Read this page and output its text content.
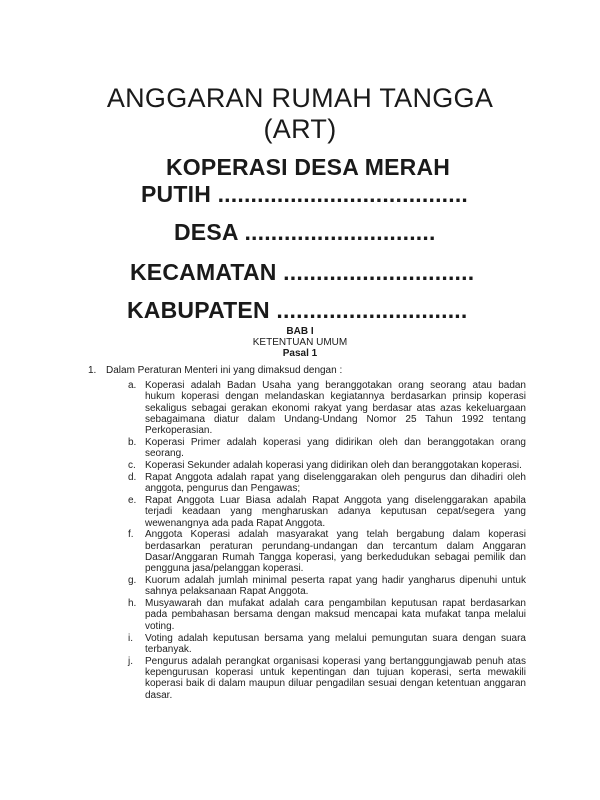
ANGGARAN RUMAH TANGGA
(ART)
KOPERASI DESA MERAH
PUTIH ......................................
DESA .............................
KECAMATAN .............................
KABUPATEN .............................
BAB I
KETENTUAN UMUM
Pasal 1
1. Dalam Peraturan Menteri ini yang dimaksud dengan :
a. Koperasi adalah Badan Usaha yang beranggotakan orang seorang atau badan hukum koperasi dengan melandaskan kegiatannya berdasarkan prinsip koperasi sekaligus sebagai gerakan ekonomi rakyat yang berdasar atas azas kekeluargaan sebagaimana diatur dalam Undang-Undang Nomor 25 Tahun 1992 tentang Perkoperasian.
b. Koperasi Primer adalah koperasi yang didirikan oleh dan beranggotakan orang seorang.
c. Koperasi Sekunder adalah koperasi yang didirikan oleh dan beranggotakan koperasi.
d. Rapat Anggota adalah rapat yang diselenggarakan oleh pengurus dan dihadiri oleh anggota, pengurus dan Pengawas;
e. Rapat Anggota Luar Biasa adalah Rapat Anggota yang diselenggarakan apabila terjadi keadaan yang mengharuskan adanya keputusan cepat/segera yang wewenangnya ada pada Rapat Anggota.
f.	Anggota Koperasi adalah masyarakat yang telah bergabung dalam koperasi berdasarkan peraturan perundang-undangan dan tercantum dalam Anggaran Dasar/Anggaran Rumah Tangga koperasi, yang berkedudukan sebagai pemilik dan pengguna jasa/pelanggan koperasi.
g. Kuorum adalah jumlah minimal peserta rapat yang hadir yangharus dipenuhi untuk sahnya pelaksanaan Rapat Anggota.
h. Musyawarah dan mufakat adalah cara pengambilan keputusan rapat berdasarkan pada pembahasan bersama dengan maksud mencapai kata mufakat tanpa melalui voting.
i.	Voting adalah keputusan bersama yang melalui pemungutan suara dengan suara terbanyak.
j.	Pengurus adalah perangkat organisasi koperasi yang bertanggungjawab penuh atas kepengurusan koperasi untuk kepentingan dan tujuan koperasi, serta mewakili koperasi baik di dalam maupun diluar pengadilan sesuai dengan ketentuan anggaran dasar.
